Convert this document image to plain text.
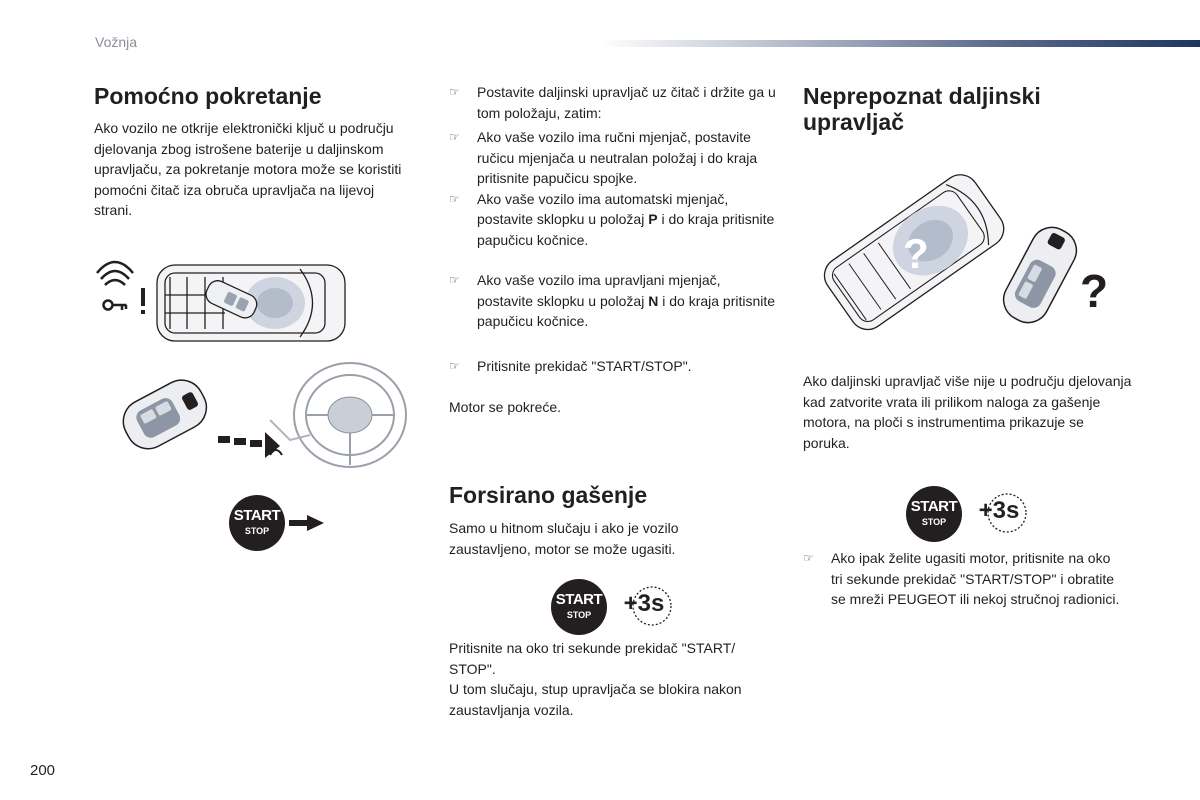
Vožnja
Pomoćno pokretanje

Ako vozilo ne otkrije elektronički ključ u području djelovanja zbog istrošene baterije u daljinskom upravljaču, za pokretanje motora može se koristiti pomoćni čitač iza obruča upravljača na lijevoj strani.

START
STOP
☞ Postavite daljinski upravljač uz čitač i držite ga u tom položaju, zatim:
☞ Ako vaše vozilo ima ručni mjenjač, postavite ručicu mjenjača u neutralan položaj i do kraja pritisnite papučicu spojke.
☞ Ako vaše vozilo ima automatski mjenjač, postavite sklopku u položaj P i do kraja pritisnite papučicu kočnice.
☞ Ako vaše vozilo ima upravljani mjenjač, postavite sklopku u položaj N i do kraja pritisnite papučicu kočnice.
☞ Pritisnite prekidač "START/STOP".

Motor se pokreće.

Forsirano gašenje

Samo u hitnom slučaju i ako je vozilo zaustavljeno, motor se može ugasiti.

START
STOP	+3s

Pritisnite na oko tri sekunde prekidač "START/ STOP".

U tom slučaju, stup upravljača se blokira nakon zaustavljanja vozila.

Neprepoznat daljinski upravljač
?
?

Ako daljinski upravljač više nije u području djelovanja kad zatvorite vrata ili prilikom naloga za gašenje motora, na ploči s instrumentima prikazuje se poruka.

START
STOP	+3s
☞ Ako ipak želite ugasiti motor, pritisnite na oko tri sekunde prekidač "START/STOP" i obratite se mreži PEUGEOT ili nekoj stručnoj radionici.
200
